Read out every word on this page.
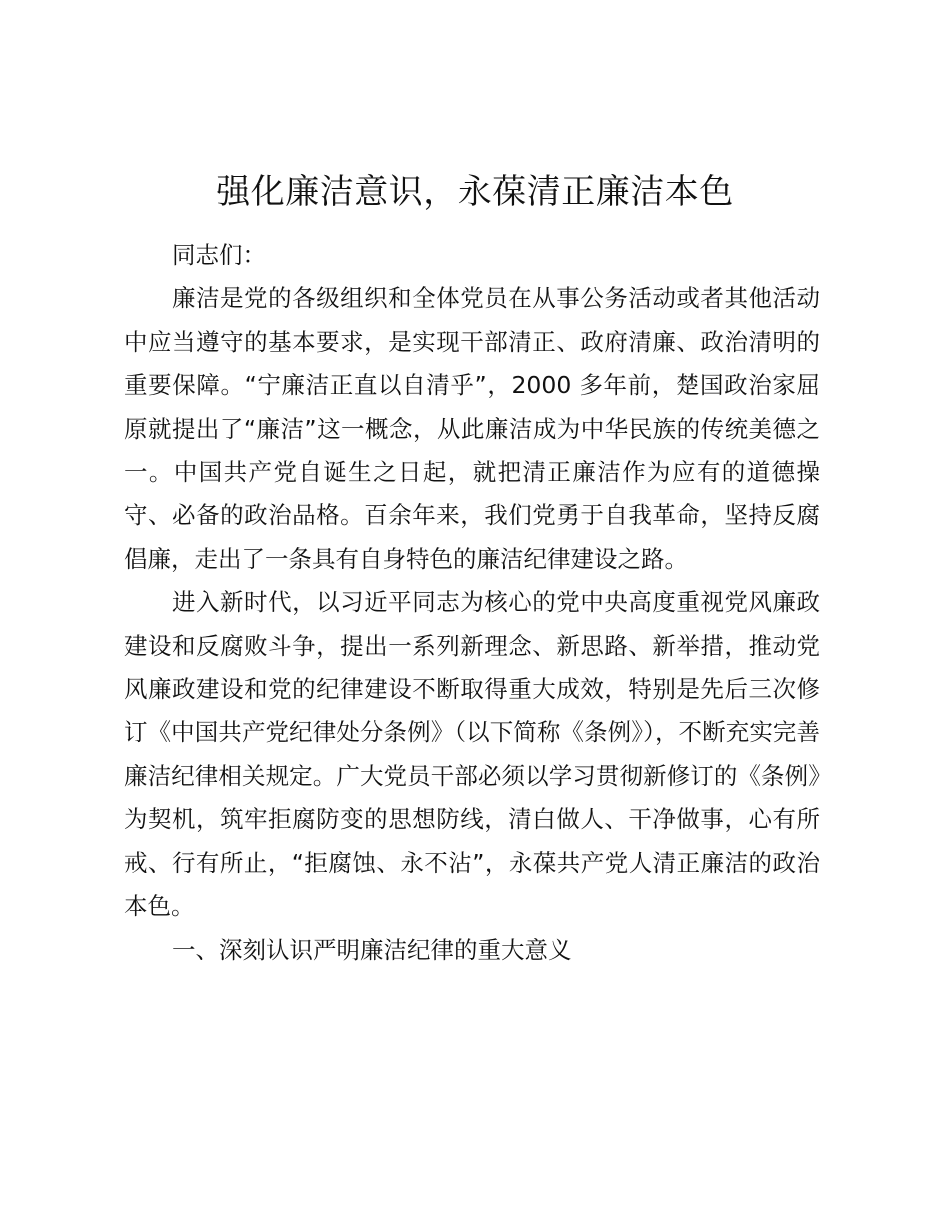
强化廉洁意识，永葆清正廉洁本色

同志们：

廉洁是党的各级组织和全体党员在从事公务活动或者其他活动中应当遵守的基本要求，是实现干部清正、政府清廉、政治清明的重要保障。“宁廉洁正直以自清乎”，2000 多年前，楚国政治家屈原就提出了“廉洁”这一概念，从此廉洁成为中华民族的传统美德之一。中国共产党自诞生之日起，就把清正廉洁作为应有的道德操守、必备的政治品格。百余年来，我们党勇于自我革命，坚持反腐倡廉，走出了一条具有自身特色的廉洁纪律建设之路。

进入新时代，以习近平同志为核心的党中央高度重视党风廉政建设和反腐败斗争，提出一系列新理念、新思路、新举措，推动党风廉政建设和党的纪律建设不断取得重大成效，特别是先后三次修订《中国共产党纪律处分条例》（以下简称《条例》），不断充实完善廉洁纪律相关规定。广大党员干部必须以学习贯彻新修订的《条例》为契机，筑牢拒腐防变的思想防线，清白做人、干净做事，心有所戒、行有所止，“拒腐蚀、永不沾”，永葆共产党人清正廉洁的政治本色。

一、深刻认识严明廉洁纪律的重大意义
